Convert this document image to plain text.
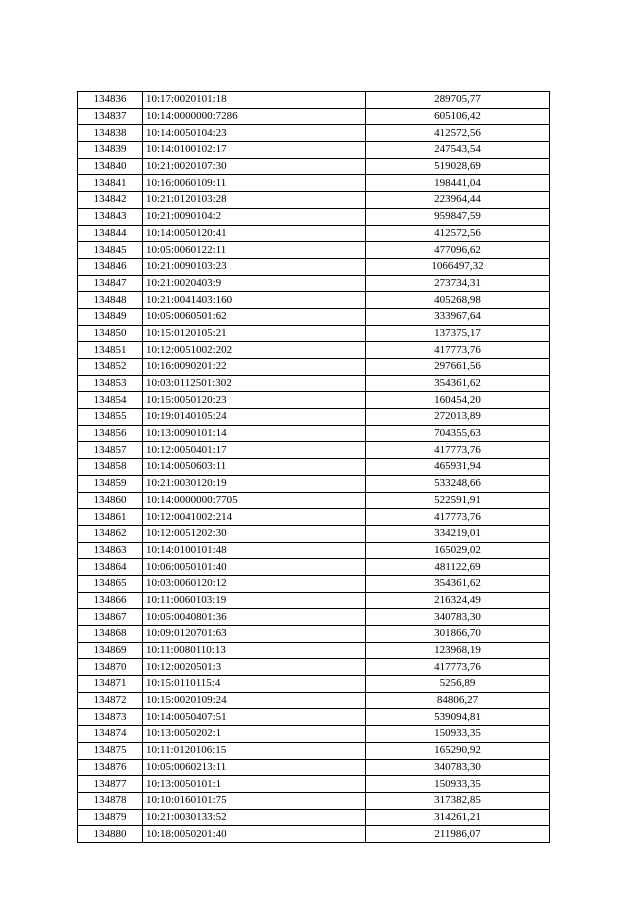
134836	10:17:0020101:18	289705,77
134837	10:14:0000000:7286	605106,42
134838	10:14:0050104:23	412572,56
134839	10:14:0100102:17	247543,54
134840	10:21:0020107:30	519028,69
134841	10:16:0060109:11	198441,04
134842	10:21:0120103:28	223964,44
134843	10:21:0090104:2	959847,59
134844	10:14:0050120:41	412572,56
134845	10:05:0060122:11	477096,62
134846	10:21:0090103:23	1066497,32
134847	10:21:0020403:9	273734,31
134848	10:21:0041403:160	405268,98
134849	10:05:0060501:62	333967,64
134850	10:15:0120105:21	137375,17
134851	10:12:0051002:202	417773,76
134852	10:16:0090201:22	297661,56
134853	10:03:0112501:302	354361,62
134854	10:15:0050120:23	160454,20
134855	10:19:0140105:24	272013,89
134856	10:13:0090101:14	704355,63
134857	10:12:0050401:17	417773,76
134858	10:14:0050603:11	465931,94
134859	10:21:0030120:19	533248,66
134860	10:14:0000000:7705	522591,91
134861	10:12:0041002:214	417773,76
134862	10:12:0051202:30	334219,01
134863	10:14:0100101:48	165029,02
134864	10:06:0050101:40	481122,69
134865	10:03:0060120:12	354361,62
134866	10:11:0060103:19	216324,49
134867	10:05:0040801:36	340783,30
134868	10:09:0120701:63	301866,70
134869	10:11:0080110:13	123968,19
134870	10:12:0020501:3	417773,76
134871	10:15:0110115:4	5256,89
134872	10:15:0020109:24	84806,27
134873	10:14:0050407:51	539094,81
134874	10:13:0050202:1	150933,35
134875	10:11:0120106:15	165290,92
134876	10:05:0060213:11	340783,30
134877	10:13:0050101:1	150933,35
134878	10:10:0160101:75	317382,85
134879	10:21:0030133:52	314261,21
134880	10:18:0050201:40	211986,07
